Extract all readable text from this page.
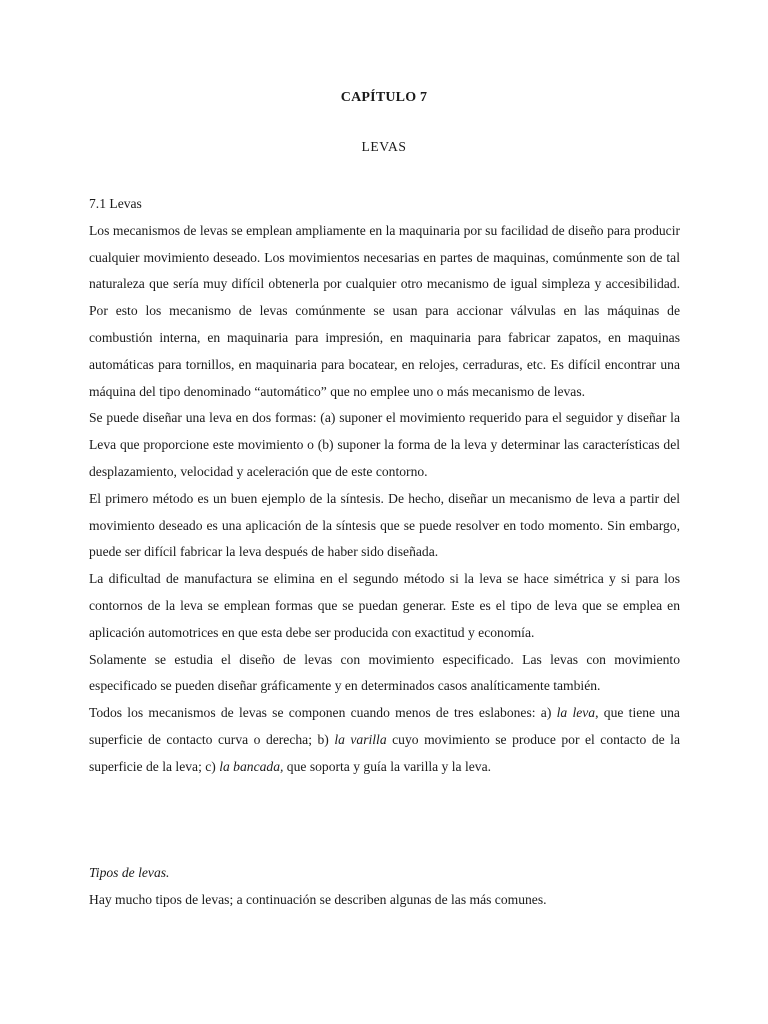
CAPÍTULO 7
LEVAS

7.1 Levas

Los mecanismos de levas se emplean ampliamente en la maquinaria por su facilidad de diseño para producir cualquier movimiento deseado. Los movimientos necesarias en partes de maquinas, comúnmente son de tal naturaleza que sería muy difícil obtenerla por cualquier otro mecanismo de igual simpleza y accesibilidad. Por esto los mecanismo de levas comúnmente se usan para accionar válvulas en las máquinas de combustión interna, en maquinaria para impresión, en maquinaria para fabricar zapatos, en maquinas automáticas para tornillos, en maquinaria para bocatear, en relojes, cerraduras, etc. Es difícil encontrar una máquina del tipo denominado “automático” que no emplee uno o más mecanismo de levas.

Se puede diseñar una leva en dos formas: (a) suponer el movimiento requerido para el seguidor y diseñar la Leva que proporcione este movimiento o (b) suponer la forma de la leva y determinar las características del desplazamiento, velocidad y aceleración que de este contorno.

El primero método es un buen ejemplo de la síntesis. De hecho, diseñar un mecanismo de leva a partir del movimiento deseado es una aplicación de la síntesis que se puede resolver en todo momento. Sin embargo, puede ser difícil fabricar la leva después de haber sido diseñada.

La dificultad de manufactura se elimina en el segundo método si la leva se hace simétrica y si para los contornos de la leva se emplean formas que se puedan generar. Este es el tipo de leva que se emplea en aplicación automotrices en que esta debe ser producida con exactitud y economía.

Solamente se estudia el diseño de levas con movimiento especificado. Las levas con movimiento especificado se pueden diseñar gráficamente y en determinados casos analíticamente también.

Todos los mecanismos de levas se componen cuando menos de tres eslabones: a) la leva, que tiene una superficie de contacto curva o derecha; b) la varilla cuyo movimiento se produce por el contacto de la superficie de la leva; c) la bancada, que soporta y guía la varilla y la leva.

Tipos de levas.

Hay mucho tipos de levas; a continuación se describen algunas de las más comunes.
